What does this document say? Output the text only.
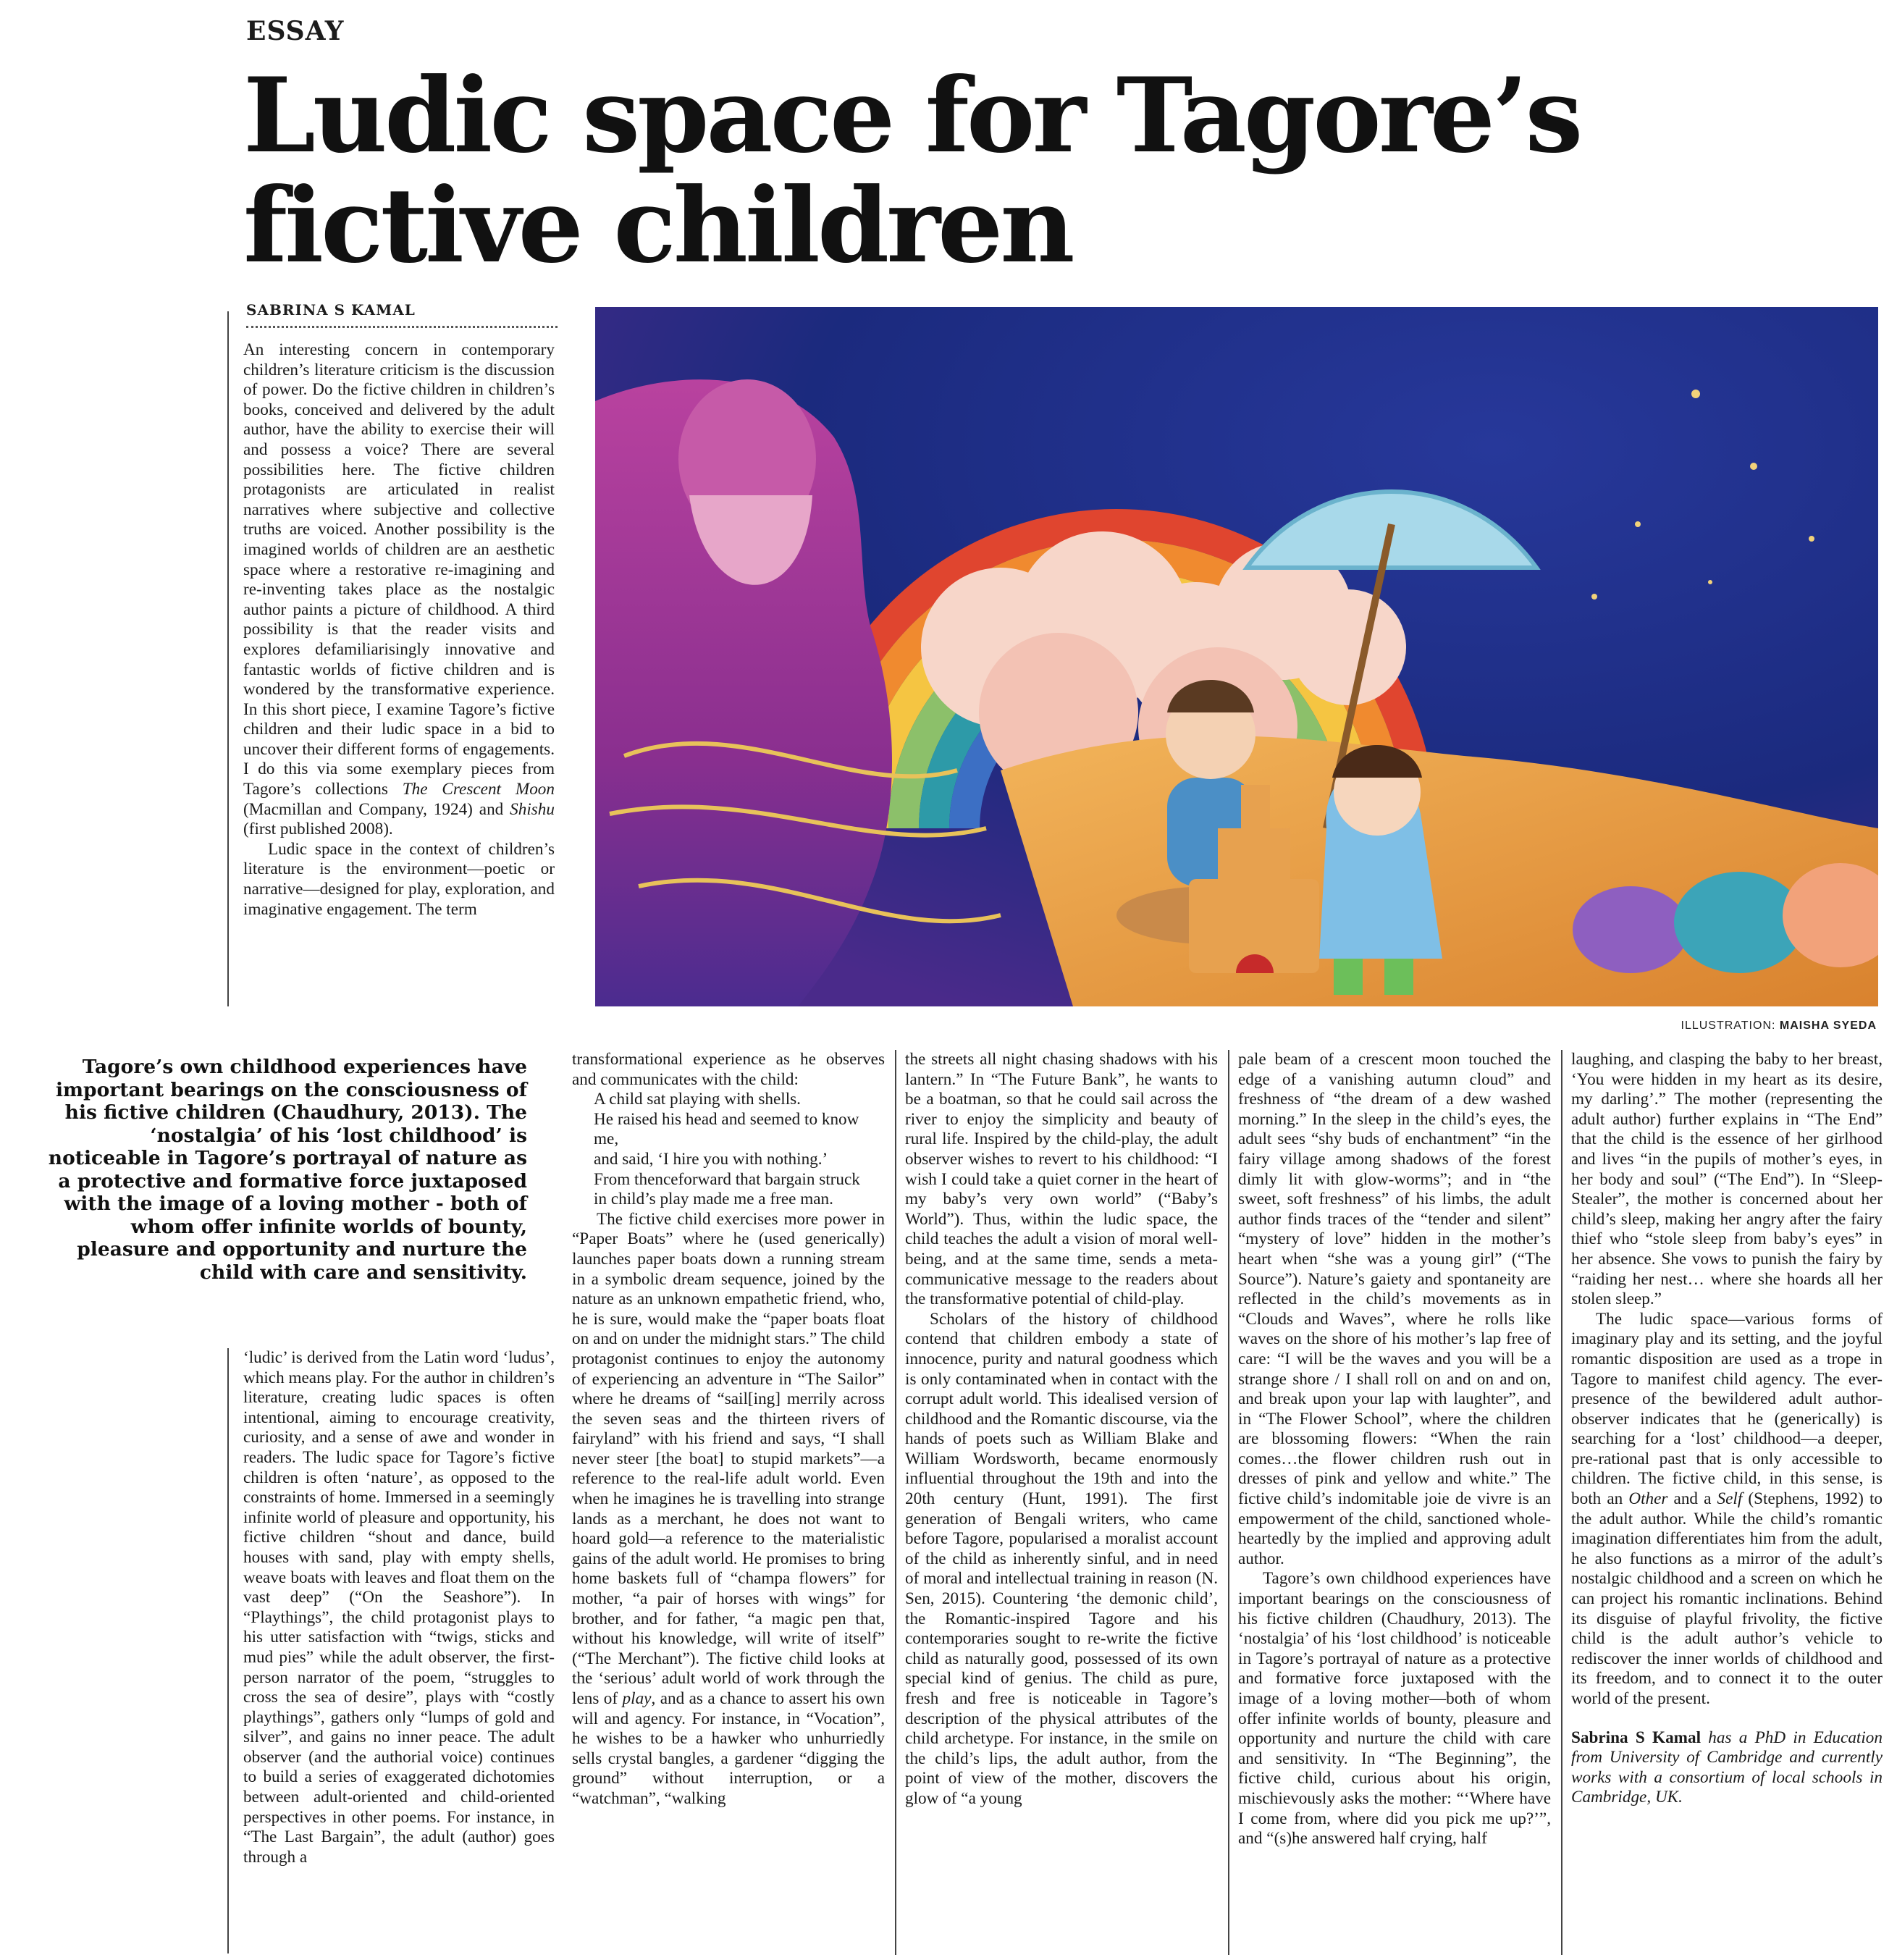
ESSAY
Ludic space for Tagore’s fictive children
SABRINA S KAMAL
ILLUSTRATION: MAISHA SYEDA
Tagore’s own childhood experiences have important bearings on the consciousness of his fictive children (Chaudhury, 2013). The ‘nostalgia’ of his ‘lost childhood’ is noticeable in Tagore’s portrayal of nature as a protective and formative force juxtaposed with the image of a loving mother - both of whom offer infinite worlds of bounty, pleasure and opportunity and nurture the child with care and sensitivity.

An interesting concern in contemporary children’s literature criticism is the discussion of power. Do the fictive children in children’s books, conceived and delivered by the adult author, have the ability to exercise their will and possess a voice? There are several possibilities here. The fictive children protagonists are articulated in realist narratives where subjective and collective truths are voiced. Another possibility is the imagined worlds of children are an aesthetic space where a restorative re-imagining and re-inventing takes place as the nostalgic author paints a picture of childhood. A third possibility is that the reader visits and explores defamiliarisingly innovative and fantastic worlds of fictive children and is wondered by the transformative experience. In this short piece, I examine Tagore’s fictive children and their ludic space in a bid to uncover their different forms of engagements. I do this via some exemplary pieces from Tagore’s collections The Crescent Moon (Macmillan and Company, 1924) and Shishu (first published 2008).

Ludic space in the context of children’s literature is the environment—poetic or narrative—designed for play, exploration, and imaginative engagement. The term

‘ludic’ is derived from the Latin word ‘ludus’, which means play. For the author in children’s literature, creating ludic spaces is often intentional, aiming to encourage creativity, curiosity, and a sense of awe and wonder in readers. The ludic space for Tagore’s fictive children is often ‘nature’, as opposed to the constraints of home. Immersed in a seemingly infinite world of pleasure and opportunity, his fictive children “shout and dance, build houses with sand, play with empty shells, weave boats with leaves and float them on the vast deep” (“On the Seashore”). In “Playthings”, the child protagonist plays to his utter satisfaction with “twigs, sticks and mud pies” while the adult observer, the first-person narrator of the poem, “struggles to cross the sea of desire”, plays with “costly playthings”, gathers only “lumps of gold and silver”, and gains no inner peace. The adult observer (and the authorial voice) continues to build a series of exaggerated dichotomies between adult-oriented and child-oriented perspectives in other poems. For instance, in “The Last Bargain”, the adult (author) goes through a

transformational experience as he observes and communicates with the child:

A child sat playing with shells.

He raised his head and seemed to know me,

and said, ‘I hire you with nothing.’

From thenceforward that bargain struck

in child’s play made me a free man.

The fictive child exercises more power in “Paper Boats” where he (used generically) launches paper boats down a running stream in a symbolic dream sequence, joined by the nature as an unknown empathetic friend, who, he is sure, would make the “paper boats float on and on under the midnight stars.” The child protagonist continues to enjoy the autonomy of experiencing an adventure in “The Sailor” where he dreams of “sail[ing] merrily across the seven seas and the thirteen rivers of fairyland” with his friend and says, “I shall never steer [the boat] to stupid markets”—a reference to the real-life adult world. Even when he imagines he is travelling into strange lands as a merchant, he does not want to hoard gold—a reference to the materialistic gains of the adult world. He promises to bring home baskets full of “champa flowers” for mother, “a pair of horses with wings” for brother, and for father, “a magic pen that, without his knowledge, will write of itself” (“The Merchant”). The fictive child looks at the ‘serious’ adult world of work through the lens of play, and as a chance to assert his own will and agency. For instance, in “Vocation”, he wishes to be a hawker who unhurriedly sells crystal bangles, a gardener “digging the ground” without interruption, or a “watchman”, “walking

the streets all night chasing shadows with his lantern.” In “The Future Bank”, he wants to be a boatman, so that he could sail across the river to enjoy the simplicity and beauty of rural life. Inspired by the child-play, the adult observer wishes to revert to his childhood: “I wish I could take a quiet corner in the heart of my baby’s very own world” (“Baby’s World”). Thus, within the ludic space, the child teaches the adult a vision of moral well-being, and at the same time, sends a meta-communicative message to the readers about the transformative potential of child-play.

Scholars of the history of childhood contend that children embody a state of innocence, purity and natural goodness which is only contaminated when in contact with the corrupt adult world. This idealised version of childhood and the Romantic discourse, via the hands of poets such as William Blake and William Wordsworth, became enormously influential throughout the 19th and into the 20th century (Hunt, 1991). The first generation of Bengali writers, who came before Tagore, popularised a moralist account of the child as inherently sinful, and in need of moral and intellectual training in reason (N. Sen, 2015). Countering ‘the demonic child’, the Romantic-inspired Tagore and his contemporaries sought to re-write the fictive child as naturally good, possessed of its own special kind of genius. The child as pure, fresh and free is noticeable in Tagore’s description of the physical attributes of the child archetype. For instance, in the smile on the child’s lips, the adult author, from the point of view of the mother, discovers the glow of “a young

pale beam of a crescent moon touched the edge of a vanishing autumn cloud” and freshness of “the dream of a dew washed morning.” In the sleep in the child’s eyes, the adult sees “shy buds of enchantment” “in the fairy village among shadows of the forest dimly lit with glow-worms”; and in “the sweet, soft freshness” of his limbs, the adult author finds traces of the “tender and silent” “mystery of love” hidden in the mother’s heart when “she was a young girl” (“The Source”). Nature’s gaiety and spontaneity are reflected in the child’s movements as in “Clouds and Waves”, where he rolls like waves on the shore of his mother’s lap free of care: “I will be the waves and you will be a strange shore / I shall roll on and on and on, and break upon your lap with laughter”, and in “The Flower School”, where the children are blossoming flowers: “When the rain comes…the flower children rush out in dresses of pink and yellow and white.” The fictive child’s indomitable joie de vivre is an empowerment of the child, sanctioned whole-heartedly by the implied and approving adult author.

Tagore’s own childhood experiences have important bearings on the consciousness of his fictive children (Chaudhury, 2013). The ‘nostalgia’ of his ‘lost childhood’ is noticeable in Tagore’s portrayal of nature as a protective and formative force juxtaposed with the image of a loving mother—both of whom offer infinite worlds of bounty, pleasure and opportunity and nurture the child with care and sensitivity. In “The Beginning”, the fictive child, curious about his origin, mischievously asks the mother: “‘Where have I come from, where did you pick me up?’”, and “(s)he answered half crying, half

laughing, and clasping the baby to her breast, ‘You were hidden in my heart as its desire, my darling’.” The mother (representing the adult author) further explains in “The End” that the child is the essence of her girlhood and lives “in the pupils of mother’s eyes, in her body and soul” (“The End”). In “Sleep-Stealer”, the mother is concerned about her child’s sleep, making her angry after the fairy thief who “stole sleep from baby’s eyes” in her absence. She vows to punish the fairy by “raiding her nest… where she hoards all her stolen sleep.”

The ludic space—various forms of imaginary play and its setting, and the joyful romantic disposition are used as a trope in Tagore to manifest child agency. The ever-presence of the bewildered adult author-observer indicates that he (generically) is searching for a ‘lost’ childhood—a deeper, pre-rational past that is only accessible to children. The fictive child, in this sense, is both an Other and a Self (Stephens, 1992) to the adult author. While the child’s romantic imagination differentiates him from the adult, he also functions as a mirror of the adult’s nostalgic childhood and a screen on which he can project his romantic inclinations. Behind its disguise of playful frivolity, the fictive child is the adult author’s vehicle to rediscover the inner worlds of childhood and its freedom, and to connect it to the outer world of the present.

Sabrina S Kamal has a PhD in Education from University of Cambridge and currently works with a consortium of local schools in Cambridge, UK.
